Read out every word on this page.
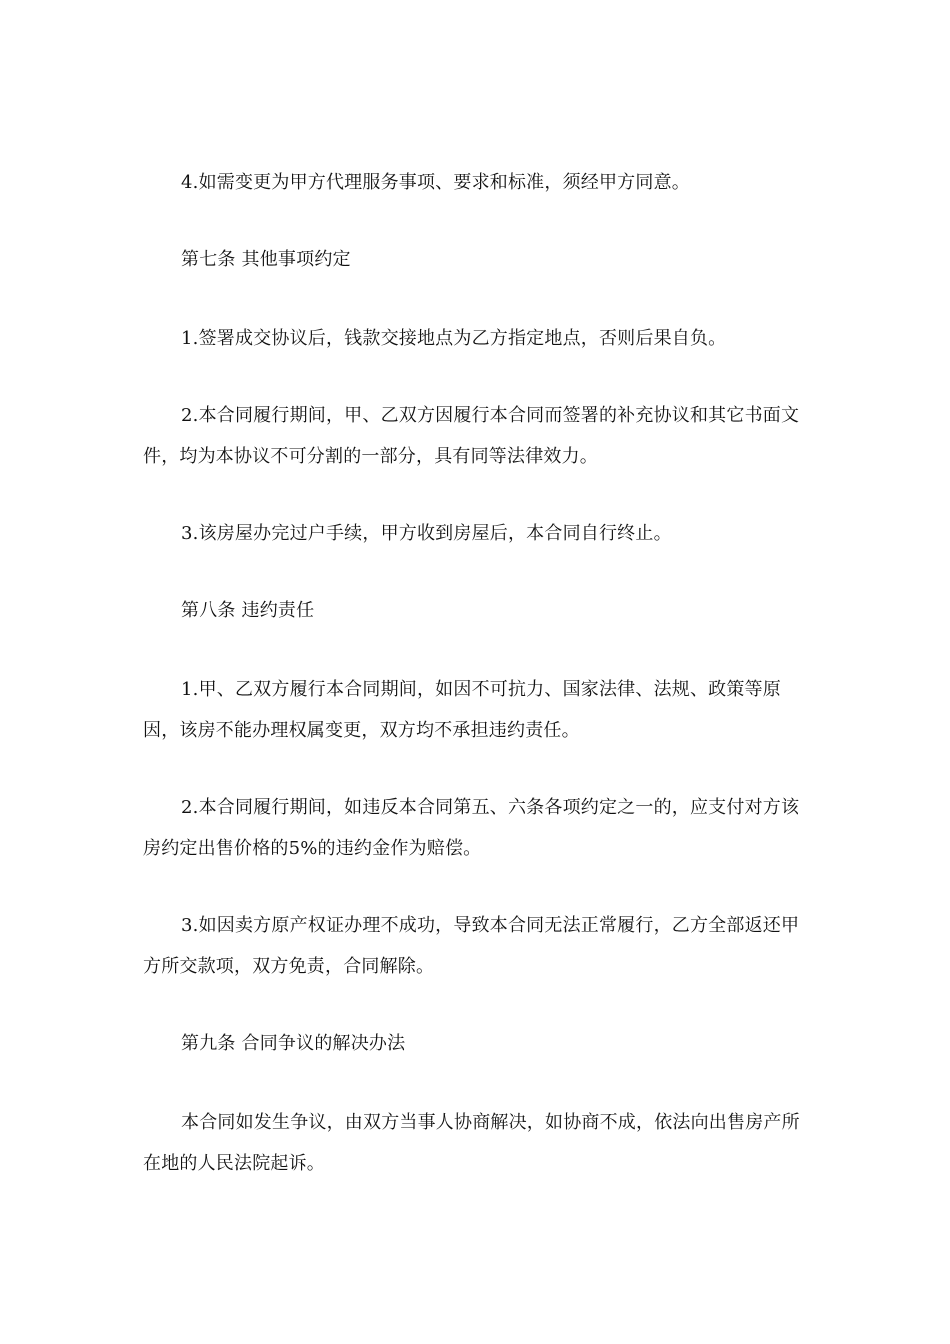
4.如需变更为甲方代理服务事项、要求和标准，须经甲方同意。

第七条 其他事项约定

1.签署成交协议后，钱款交接地点为乙方指定地点，否则后果自负。

2.本合同履行期间，甲、乙双方因履行本合同而签署的补充协议和其它书面文件，均为本协议不可分割的一部分，具有同等法律效力。

3.该房屋办完过户手续，甲方收到房屋后，本合同自行终止。

第八条 违约责任

1.甲、乙双方履行本合同期间，如因不可抗力、国家法律、法规、政策等原因，该房不能办理权属变更，双方均不承担违约责任。

2.本合同履行期间，如违反本合同第五、六条各项约定之一的，应支付对方该房约定出售价格的5%的违约金作为赔偿。

3.如因卖方原产权证办理不成功，导致本合同无法正常履行，乙方全部返还甲方所交款项，双方免责，合同解除。

第九条 合同争议的解决办法

本合同如发生争议，由双方当事人协商解决，如协商不成，依法向出售房产所在地的人民法院起诉。
